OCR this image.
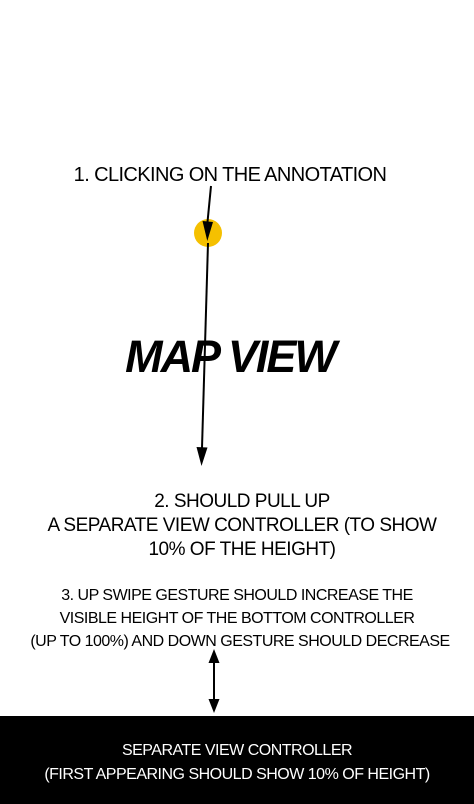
1. CLICKING ON THE ANNOTATION
MAP VIEW
2. SHOULD PULL UP
A SEPARATE VIEW CONTROLLER (TO SHOW
10% OF THE HEIGHT)
3. UP SWIPE GESTURE SHOULD INCREASE THE
VISIBLE HEIGHT OF THE BOTTOM CONTROLLER
(UP TO 100%) AND DOWN GESTURE SHOULD DECREASE
SEPARATE VIEW CONTROLLER
(FIRST APPEARING SHOULD SHOW 10% OF HEIGHT)
